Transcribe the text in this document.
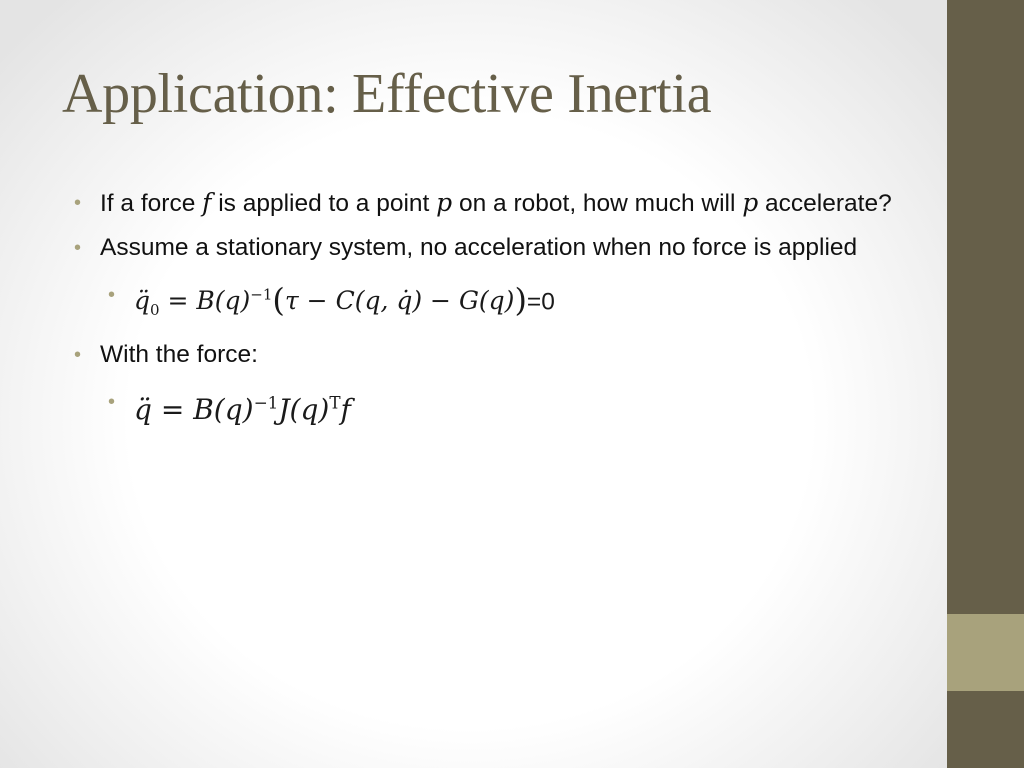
Application: Effective Inertia
• If a force f is applied to a point p on a robot, how much will p accelerate?
• Assume a stationary system, no acceleration when no force is applied
• $q̈_0 = B(q)^{-1}(\tau - C(q$, q̇) − G(q))=0
• With the force:
• q̈ = $B(q)^{-1}J(q)^Tf$
